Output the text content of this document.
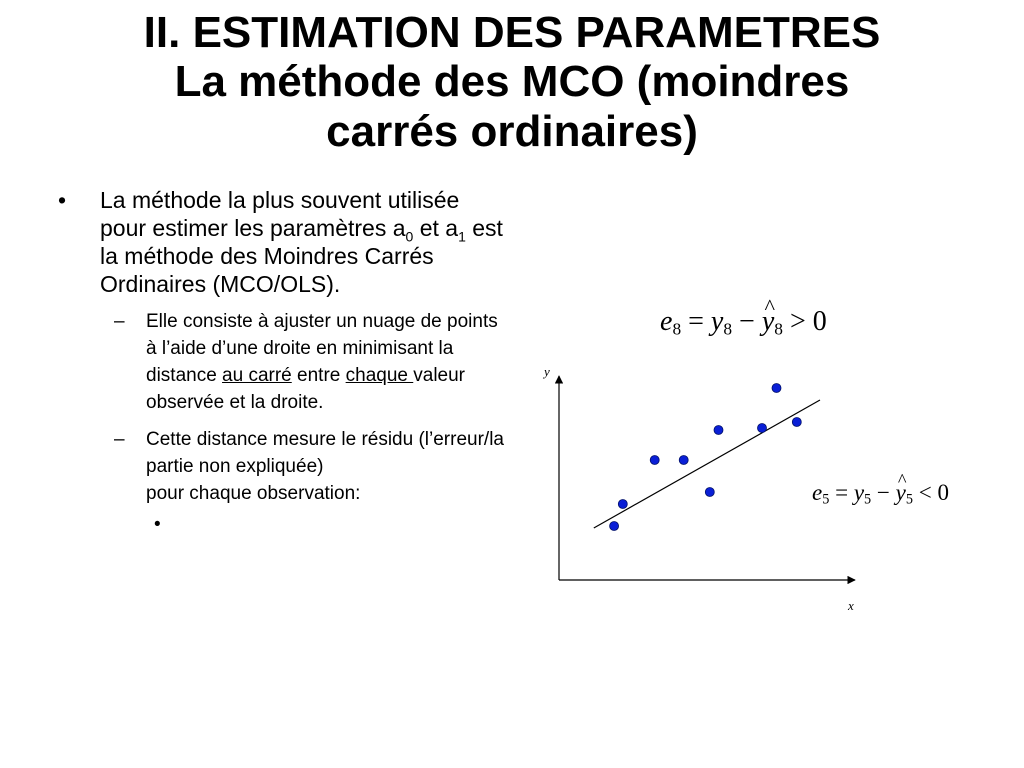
II. ESTIMATION DES PARAMETRES
La méthode des MCO (moindres
carrés ordinaires)
• La méthode la plus souvent utilisée pour estimer les paramètres $a_0$ et $a_1$ est la méthode des Moindres Carrés Ordinaires (MCO/OLS).
– Elle consiste à ajuster un nuage de points à l’aide d’une droite en minimisant la distance au carré entre chaque valeur observée et la droite.
– Cette distance mesure le résidu (l’erreur/la partie non expliquée)
pour chaque observation:
•

e8 = y8 − y ^8 > 0
e5 = y5 − y ^5 < 0
y
x
